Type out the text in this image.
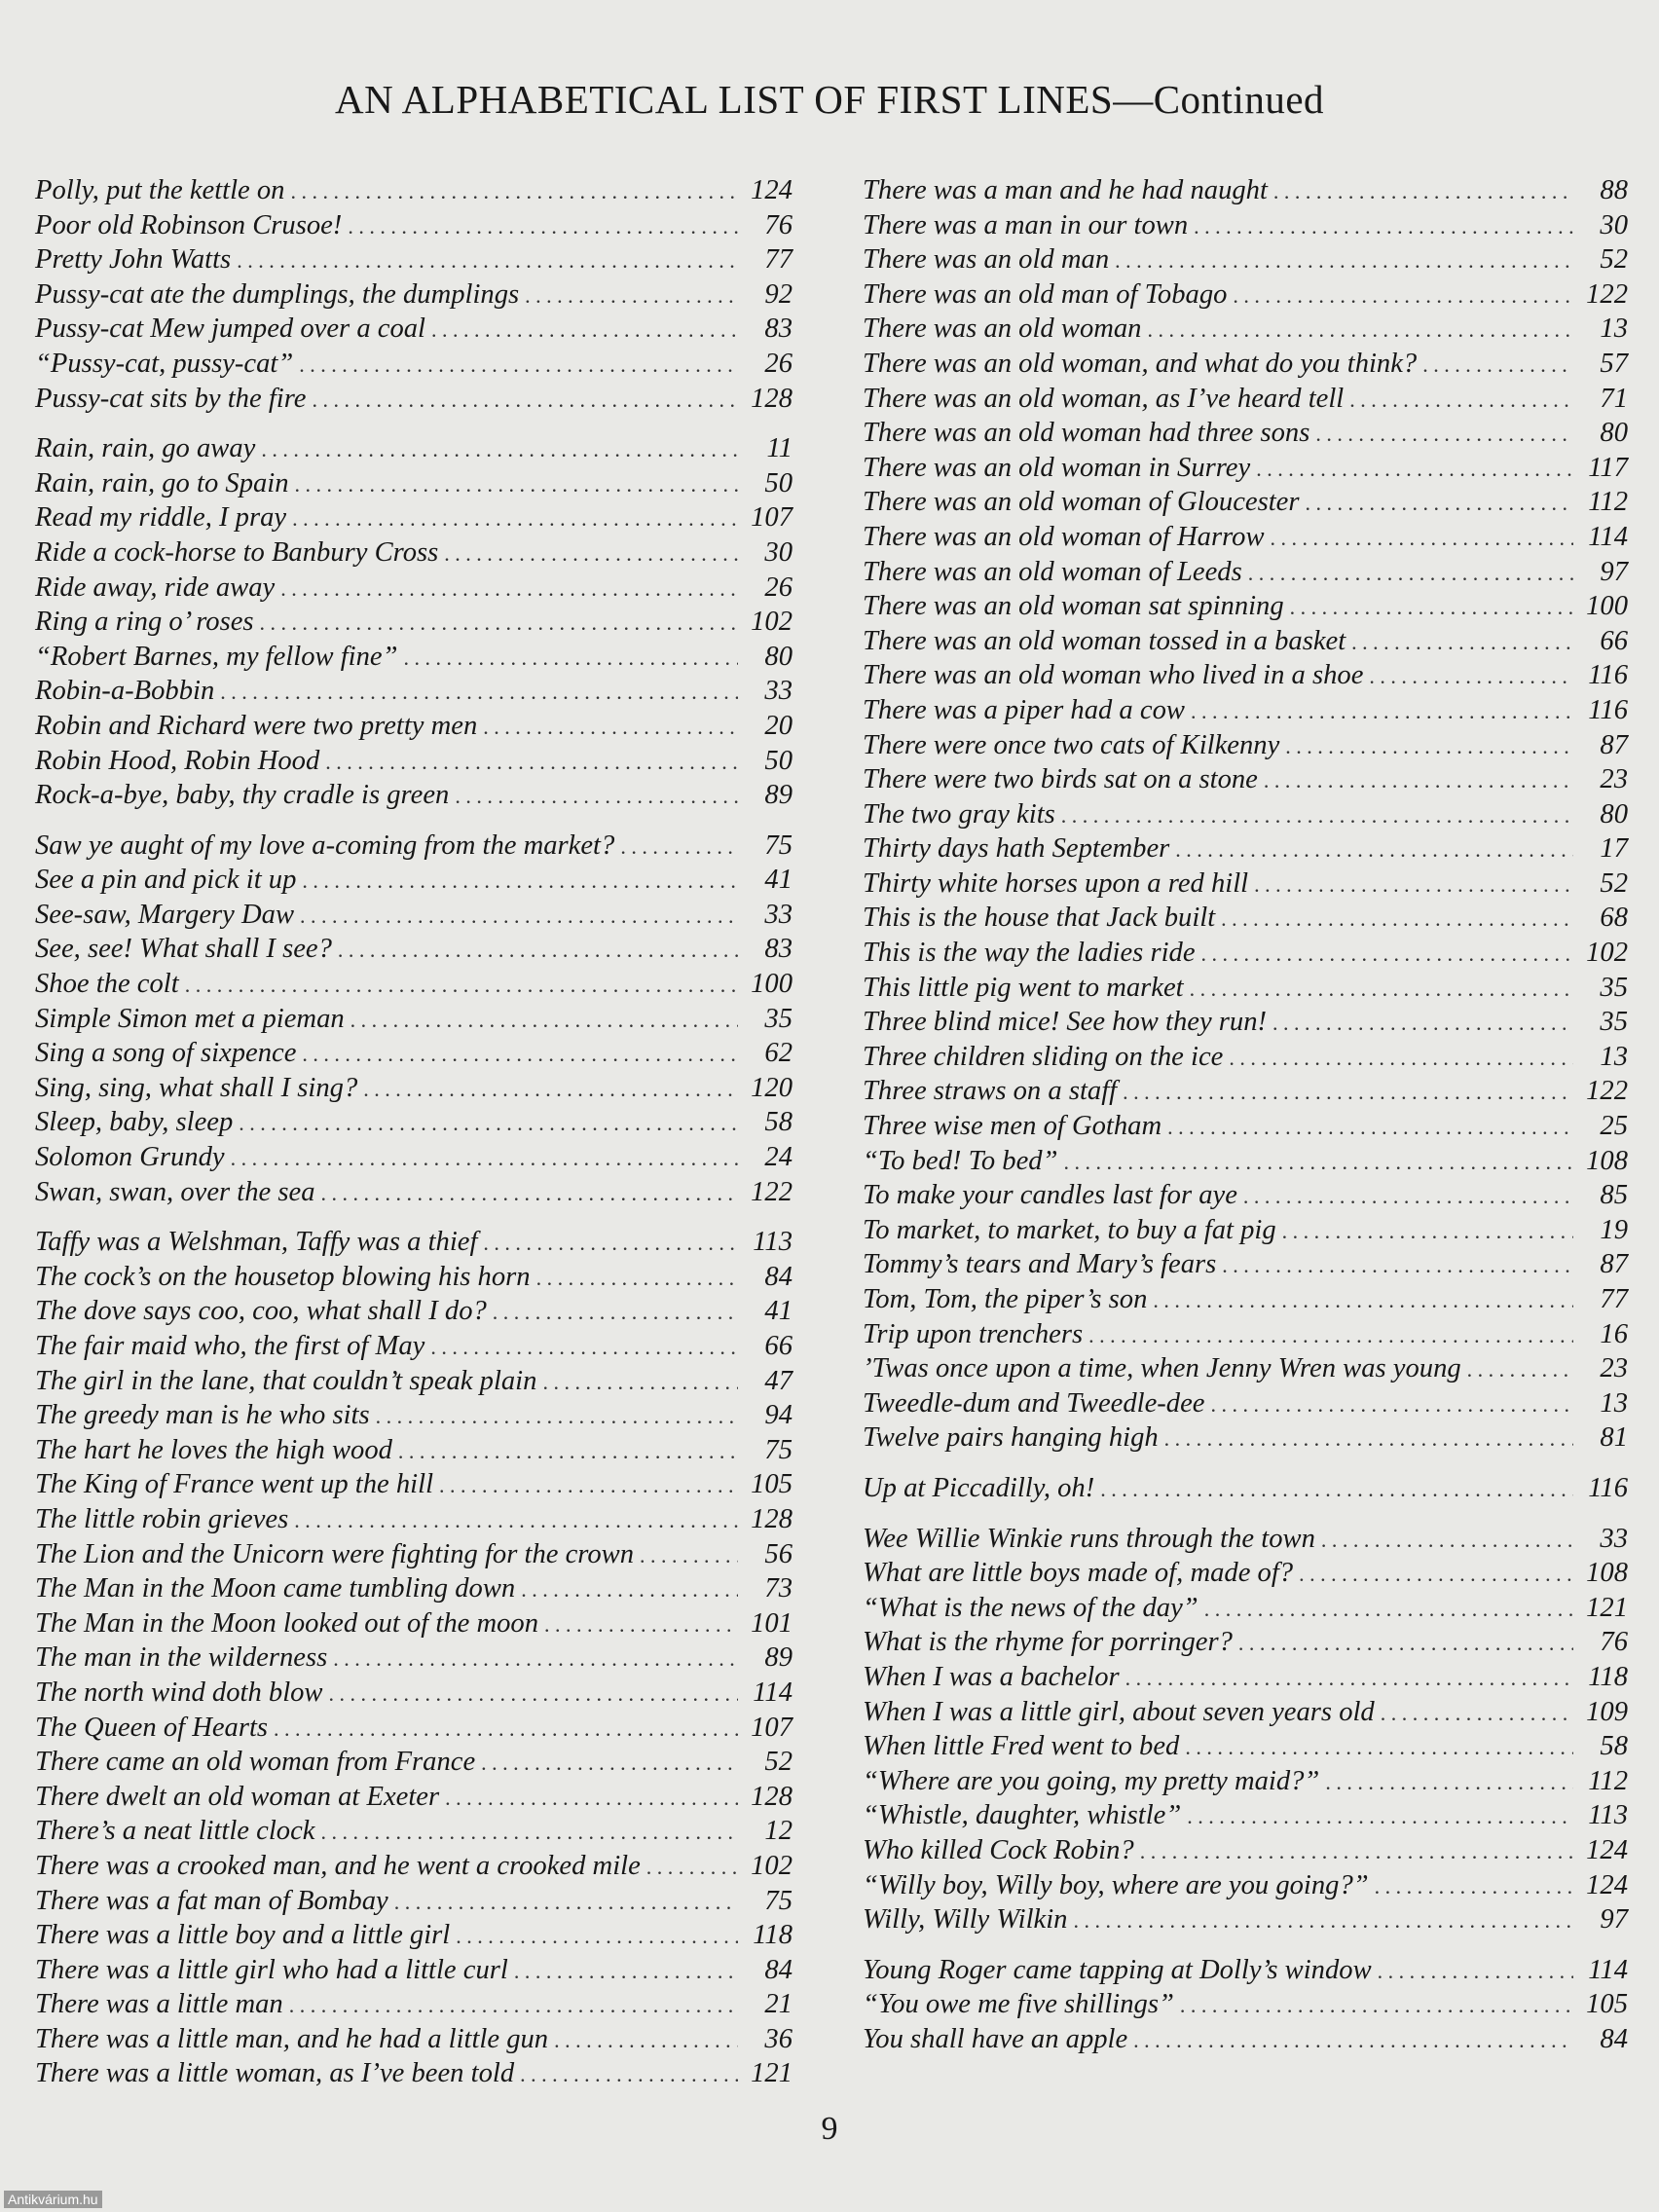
AN ALPHABETICAL LIST OF FIRST LINES—Continued
Polly, put the kettle on . . .	124
Poor old Robinson Crusoe! . . .	76
Pretty John Watts . . .	77
Pussy-cat ate the dumplings, the dumplings . . .	92
Pussy-cat Mew jumped over a coal . . .	83
“Pussy-cat, pussy-cat” . . .	26
Pussy-cat sits by the fire . . .	128
Rain, rain, go away . . .	11
Rain, rain, go to Spain . . .	50
Read my riddle, I pray . . .	107
Ride a cock-horse to Banbury Cross . . .	30
Ride away, ride away . . .	26
Ring a ring o’ roses . . .	102
“Robert Barnes, my fellow fine” . . .	80
Robin-a-Bobbin . . .	33
Robin and Richard were two pretty men . . .	20
Robin Hood, Robin Hood . . .	50
Rock-a-bye, baby, thy cradle is green . . .	89
Saw ye aught of my love a-coming from the market? . . .	75
See a pin and pick it up . . .	41
See-saw, Margery Daw . . .	33
See, see! What shall I see? . . .	83
Shoe the colt . . .	100
Simple Simon met a pieman . . .	35
Sing a song of sixpence . . .	62
Sing, sing, what shall I sing? . . .	120
Sleep, baby, sleep . . .	58
Solomon Grundy . . .	24
Swan, swan, over the sea . . .	122
Taffy was a Welshman, Taffy was a thief . . .	113
The cock’s on the housetop blowing his horn . . .	84
The dove says coo, coo, what shall I do? . . .	41
The fair maid who, the first of May . . .	66
The girl in the lane, that couldn’t speak plain . . .	47
The greedy man is he who sits . . .	94
The hart he loves the high wood . . .	75
The King of France went up the hill . . .	105
The little robin grieves . . .	128
The Lion and the Unicorn were fighting for the crown . . .	56
The Man in the Moon came tumbling down . . .	73
The Man in the Moon looked out of the moon . . .	101
The man in the wilderness . . .	89
The north wind doth blow . . .	114
The Queen of Hearts . . .	107
There came an old woman from France . . .	52
There dwelt an old woman at Exeter . . .	128
There’s a neat little clock . . .	12
There was a crooked man, and he went a crooked mile . . .	102
There was a fat man of Bombay . . .	75
There was a little boy and a little girl . . .	118
There was a little girl who had a little curl . . .	84
There was a little man . . .	21
There was a little man, and he had a little gun . . .	36
There was a little woman, as I’ve been told . . .	121
There was a man and he had naught . . .	88
There was a man in our town . . .	30
There was an old man . . .	52
There was an old man of Tobago . . .	122
There was an old woman . . .	13
There was an old woman, and what do you think? . . .	57
There was an old woman, as I’ve heard tell . . .	71
There was an old woman had three sons . . .	80
There was an old woman in Surrey . . .	117
There was an old woman of Gloucester . . .	112
There was an old woman of Harrow . . .	114
There was an old woman of Leeds . . .	97
There was an old woman sat spinning . . .	100
There was an old woman tossed in a basket . . .	66
There was an old woman who lived in a shoe . . .	116
There was a piper had a cow . . .	116
There were once two cats of Kilkenny . . .	87
There were two birds sat on a stone . . .	23
The two gray kits . . .	80
Thirty days hath September . . .	17
Thirty white horses upon a red hill . . .	52
This is the house that Jack built . . .	68
This is the way the ladies ride . . .	102
This little pig went to market . . .	35
Three blind mice! See how they run! . . .	35
Three children sliding on the ice . . .	13
Three straws on a staff . . .	122
Three wise men of Gotham . . .	25
“To bed! To bed” . . .	108
To make your candles last for aye . . .	85
To market, to market, to buy a fat pig . . .	19
Tommy’s tears and Mary’s fears . . .	87
Tom, Tom, the piper’s son . . .	77
Trip upon trenchers . . .	16
’Twas once upon a time, when Jenny Wren was young . . .	23
Tweedle-dum and Tweedle-dee . . .	13
Twelve pairs hanging high . . .	81
Up at Piccadilly, oh! . . .	116
Wee Willie Winkie runs through the town . . .	33
What are little boys made of, made of? . . .	108
“What is the news of the day” . . .	121
What is the rhyme for porringer? . . .	76
When I was a bachelor . . .	118
When I was a little girl, about seven years old . . .	109
When little Fred went to bed . . .	58
“Where are you going, my pretty maid?” . . .	112
“Whistle, daughter, whistle” . . .	113
Who killed Cock Robin? . . .	124
“Willy boy, Willy boy, where are you going?” . . .	124
Willy, Willy Wilkin . . .	97
Young Roger came tapping at Dolly’s window . . .	114
“You owe me five shillings” . . .	105
You shall have an apple . . .	84
9
Antikvárium.hu
